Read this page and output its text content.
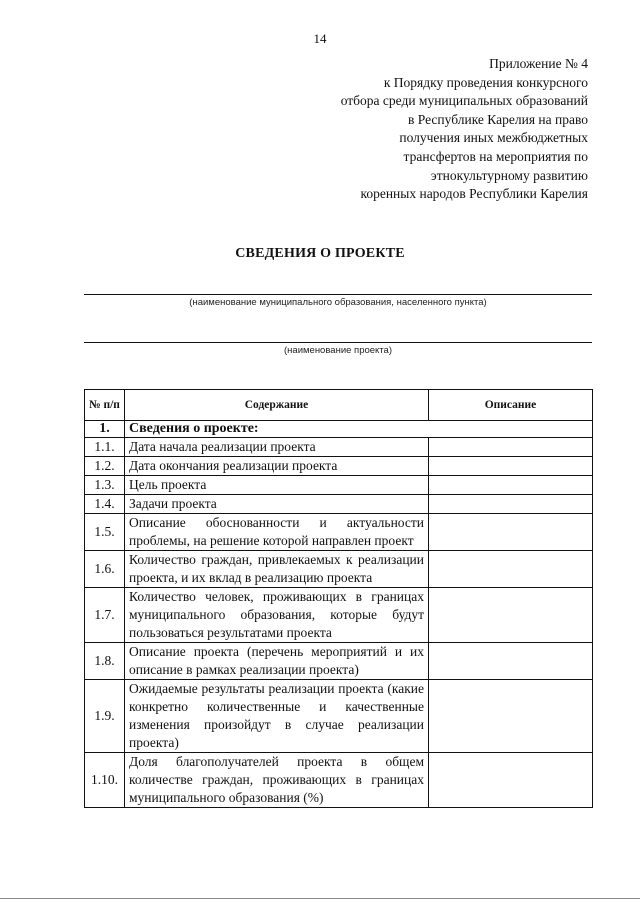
14
Приложение № 4
к Порядку проведения конкурсного
отбора среди муниципальных образований
в Республике Карелия на право
получения иных межбюджетных
трансфертов на мероприятия по
этнокультурному развитию
коренных народов Республики Карелия
СВЕДЕНИЯ О ПРОЕКТЕ
(наименование муниципального образования, населенного пункта)
(наименование проекта)
№ п/п	Содержание	Описание
1.	Сведения о проекте:	
1.1.	Дата начала реализации проекта	
1.2.	Дата окончания реализации проекта	
1.3.	Цель проекта	
1.4.	Задачи проекта	
1.5.	Описание обоснованности и актуальности проблемы, на решение которой направлен проект	
1.6.	Количество граждан, привлекаемых к реализации проекта, и их вклад в реализацию проекта	
1.7.	Количество человек, проживающих в границах муниципального образования, которые будут пользоваться результатами проекта	
1.8.	Описание проекта (перечень мероприятий и их описание в рамках реализации проекта)	
1.9.	Ожидаемые результаты реализации проекта (какие конкретно количественные и качественные изменения произойдут в случае реализации проекта)	
1.10.	Доля благополучателей проекта в общем количестве граждан, проживающих в границах муниципального образования (%)	
